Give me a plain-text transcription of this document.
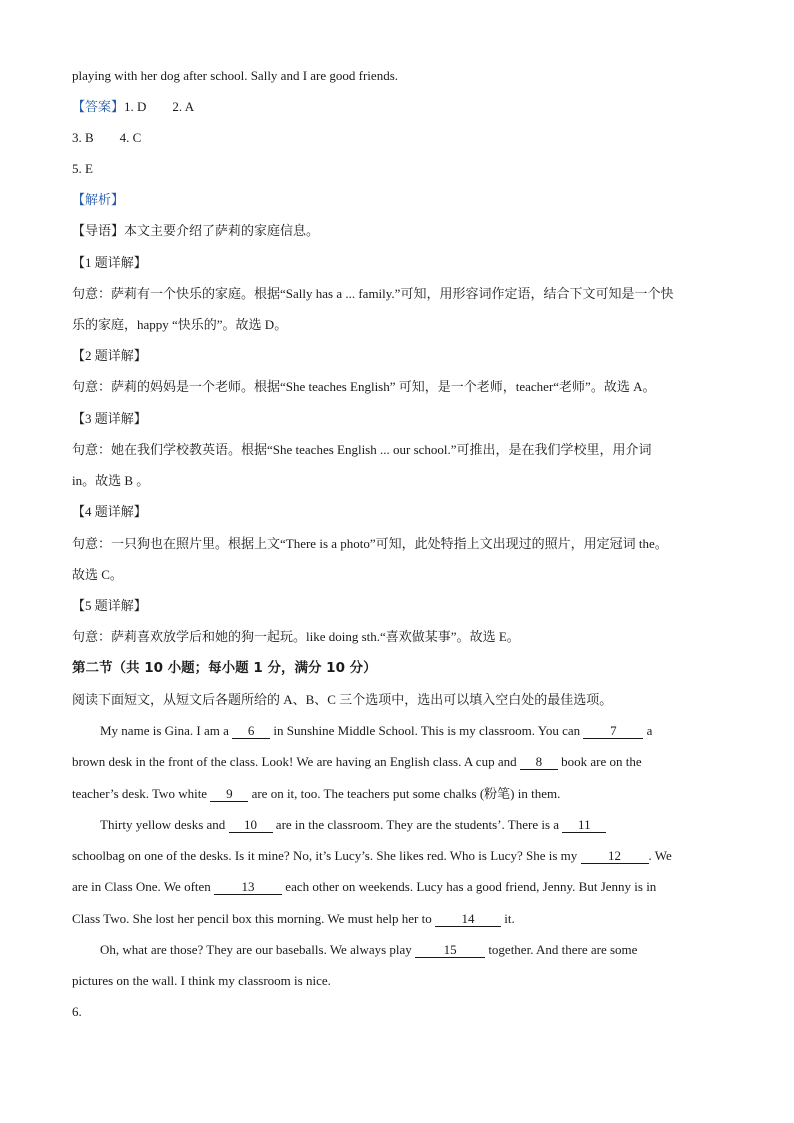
playing with her dog after school. Sally and I are good friends.
【答案】1. D 2. A
3. B 4. C
5. E
【解析】
【导语】本文主要介绍了萨莉的家庭信息。
【1 题详解】
句意：萨莉有一个快乐的家庭。根据“Sally has a ... family.”可知，用形容词作定语，结合下文可知是一个快
乐的家庭，happy “快乐的”。故选 D。
【2 题详解】
句意：萨莉的妈妈是一个老师。根据“She teaches English” 可知，是一个老师，teacher“老师”。故选 A。
【3 题详解】
句意：她在我们学校教英语。根据“She teaches English ... our school.”可推出，是在我们学校里，用介词
in。故选 B 。
【4 题详解】
句意：一只狗也在照片里。根据上文“There is a photo”可知，此处特指上文出现过的照片，用定冠词 the。
故选 C。
【5 题详解】
句意：萨莉喜欢放学后和她的狗一起玩。like doing sth.“喜欢做某事”。故选 E。
第二节（共 10 小题；每小题 1 分，满分 10 分）
阅读下面短文，从短文后各题所给的 A、B、C 三个选项中，选出可以填入空白处的最佳选项。
My name is Gina. I am a 6 in Sunshine Middle School. This is my classroom. You can 7 a
brown desk in the front of the class. Look! We are having an English class. A cup and 8 book are on the
teacher’s desk. Two white 9 are on it, too. The teachers put some chalks (粉笔) in them.
Thirty yellow desks and 10 are in the classroom. They are the students’. There is a 11
schoolbag on one of the desks. Is it mine? No, it’s Lucy’s. She likes red. Who is Lucy? She is my 12 . We
are in Class One. We often 13 each other on weekends. Lucy has a good friend, Jenny. But Jenny is in
Class Two. She lost her pencil box this morning. We must help her to 14 it.
Oh, what are those? They are our baseballs. We always play 15 together. And there are some
pictures on the wall. I think my classroom is nice.
6.
